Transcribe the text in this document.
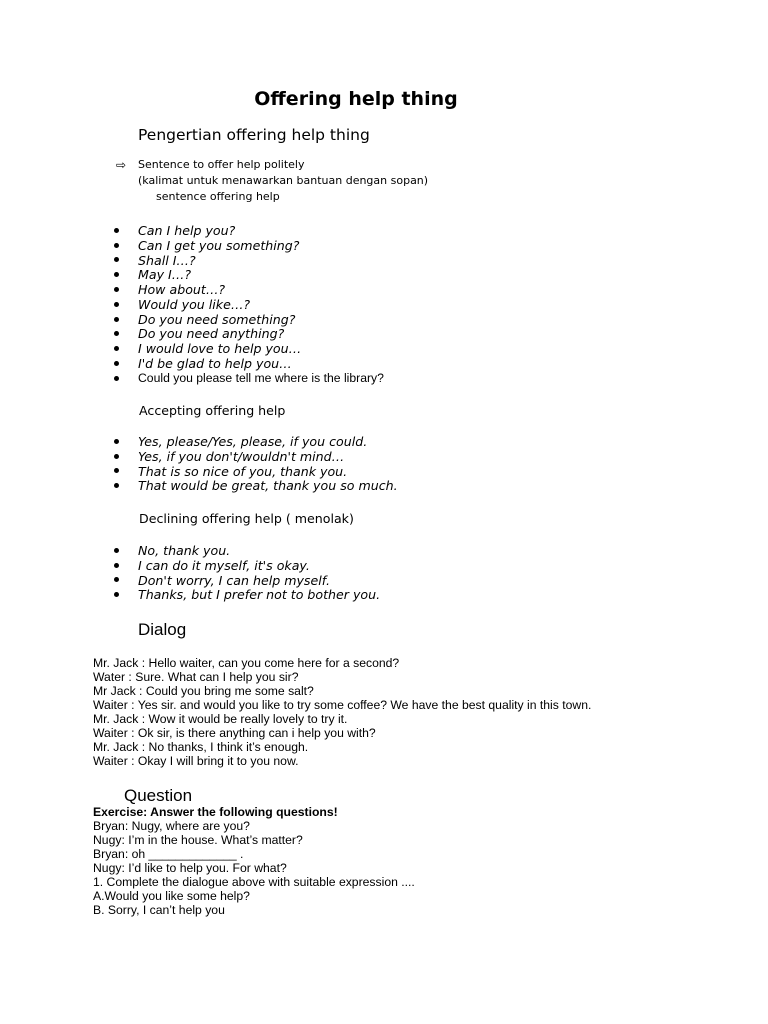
Offering help thing
Pengertian offering help thing
⇨	Sentence to offer help politely
(kalimat untuk menawarkan bantuan dengan sopan)
sentence offering help
Can I help you?
Can I get you something?
Shall I…?
May I…?
How about…?
Would you like…?
Do you need something?
Do you need anything?
I would love to help you…
I'd be glad to help you…
Could you please tell me where is the library?
Accepting offering help
Yes, please/Yes, please, if you could.
Yes, if you don't/wouldn't mind…
That is so nice of you, thank you.
That would be great, thank you so much.
Declining offering help ( menolak)
No, thank you.
I can do it myself, it's okay.
Don't worry, I can help myself.
Thanks, but I prefer not to bother you.
Dialog
Mr. Jack : Hello waiter, can you come here for a second?
Water : Sure. What can I help you sir?
Mr Jack : Could you bring me some salt?
Waiter : Yes sir. and would you like to try some coffee? We have the best quality in this town.
Mr. Jack : Wow it would be really lovely to try it.
Waiter : Ok sir, is there anything can i help you with?
Mr. Jack : No thanks, I think it’s enough.
Waiter : Okay I will bring it to you now.
Question
Exercise: Answer the following questions!
Bryan: Nugy, where are you?
Nugy: I’m in the house. What’s matter?
Bryan: oh _____________ .
Nugy: I’d like to help you. For what?
1. Complete the dialogue above with suitable expression ....
A.Would you like some help?
B. Sorry, I can’t help you
